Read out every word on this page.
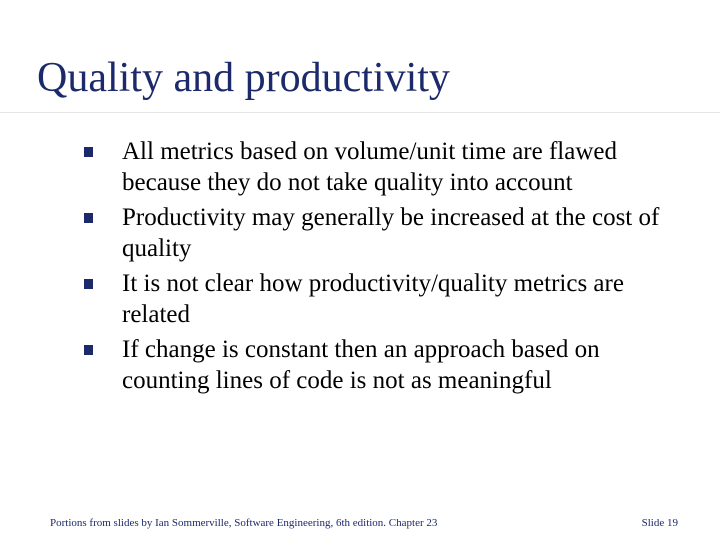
Quality and productivity
All metrics based on volume/unit time are flawed because they do not take quality into account
Productivity may generally be increased at the cost of quality
It is not clear how productivity/quality metrics are related
If change is constant then an approach based on counting lines of code is not as meaningful
Portions from slides by Ian Sommerville, Software Engineering, 6th edition. Chapter 23	Slide 19
